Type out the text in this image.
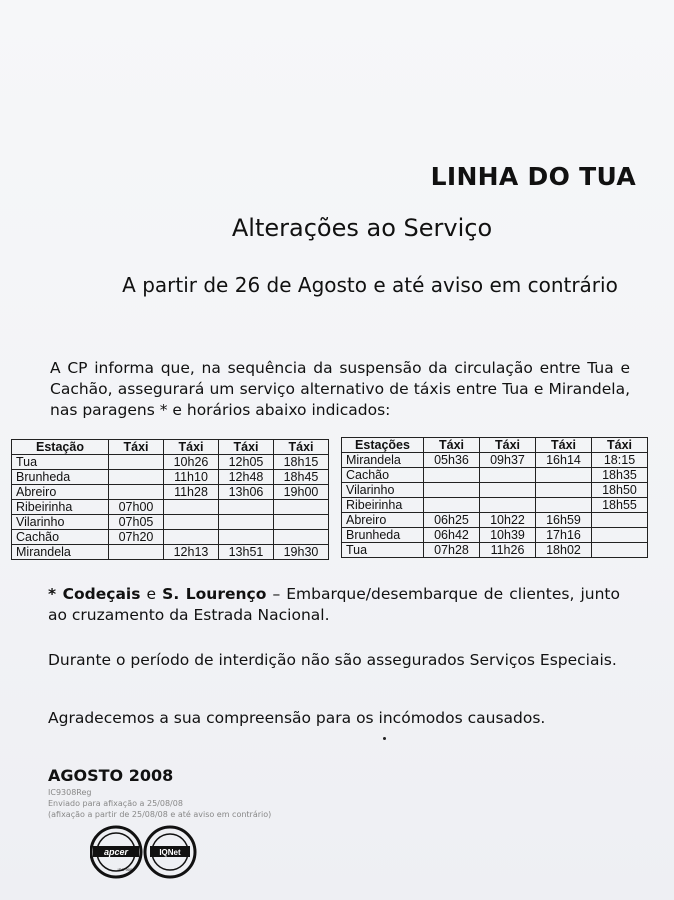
LINHA DO TUA
Alterações ao Serviço
A partir de 26 de Agosto e até aviso em contrário
A CP informa que, na sequência da suspensão da circulação entre Tua e Cachão, assegurará um serviço alternativo de táxis entre Tua e Mirandela, nas paragens * e horários abaixo indicados:
Estação	Táxi	Táxi	Táxi	Táxi
Tua		10h26	12h05	18h15
Brunheda		11h10	12h48	18h45
Abreiro		11h28	13h06	19h00
Ribeirinha	07h00			
Vilarinho	07h05			
Cachão	07h20			
Mirandela		12h13	13h51	19h30
Estações	Táxi	Táxi	Táxi	Táxi
Mirandela	05h36	09h37	16h14	18:15
Cachão				18h35
Vilarinho				18h50
Ribeirinha				18h55
Abreiro	06h25	10h22	16h59	
Brunheda	06h42	10h39	17h16	
Tua	07h28	11h26	18h02	
* Codeçais e S. Lourenço – Embarque/desembarque de clientes, junto ao cruzamento da Estrada Nacional.
Durante o período de interdição não são assegurados Serviços Especiais.
Agradecemos a sua compreensão para os incómodos causados.
AGOSTO 2008
IC9308Reg
Enviado para afixação a 25/08/08
(afixação a partir de 25/08/08 e até aviso em contrário)
apcer
ISO 9001
IQNet
